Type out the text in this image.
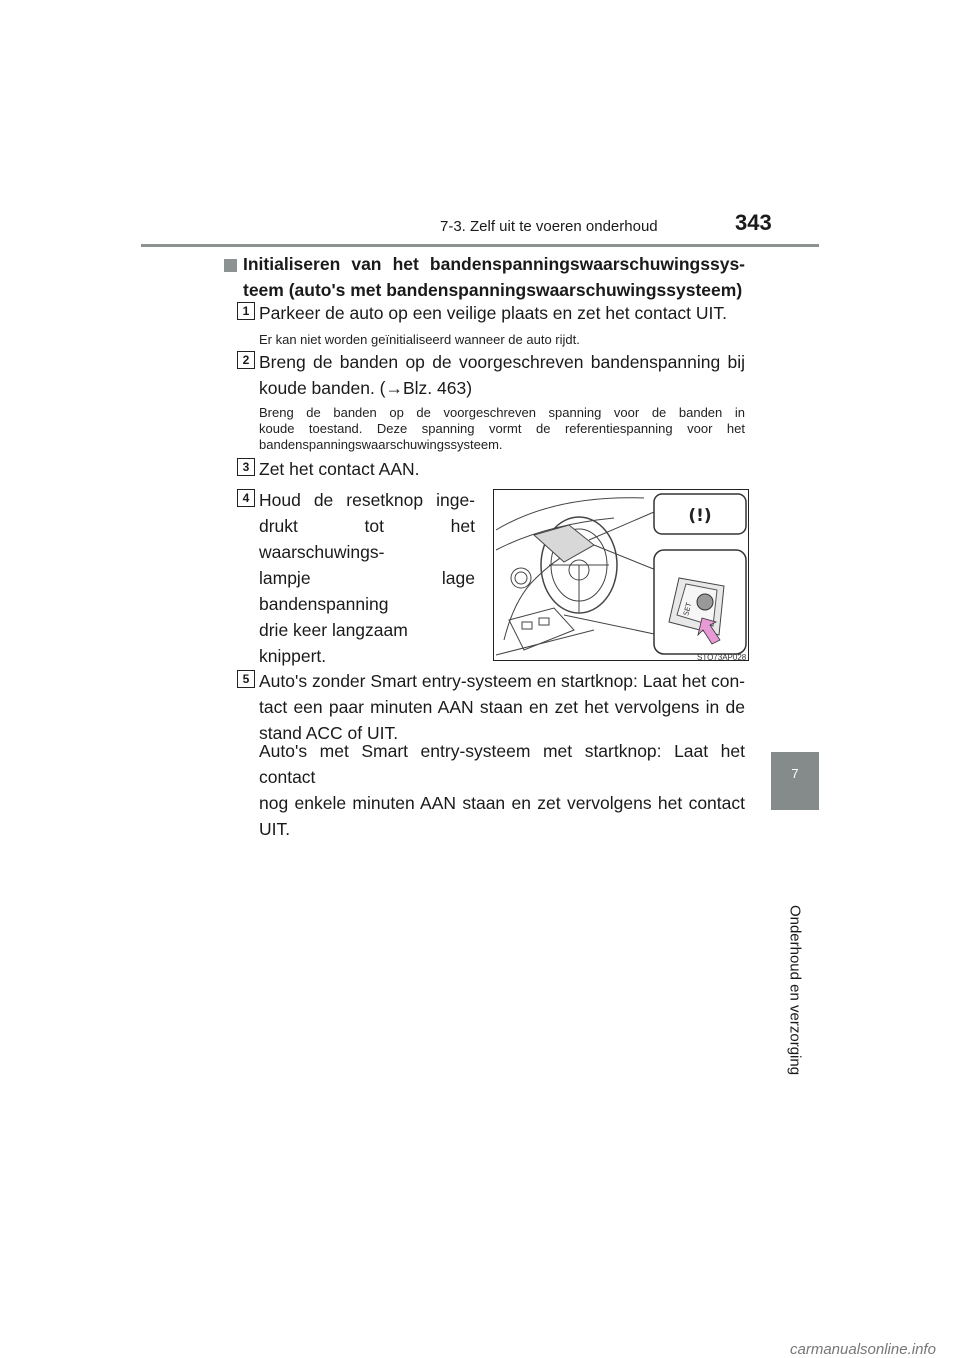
7-3. Zelf uit te voeren onderhoud	343
7
Onderhoud en verzorging
Initialiseren van het bandenspanningswaarschuwingssys-
teem (auto's met bandenspanningswaarschuwingssysteem)
1 Parkeer de auto op een veilige plaats en zet het contact UIT.
Er kan niet worden geïnitialiseerd wanneer de auto rijdt.
2 Breng de banden op de voorgeschreven bandenspanning bij
koude banden. (→Blz. 463)
Breng de banden op de voorgeschreven spanning voor de banden in
koude toestand. Deze spanning vormt de referentiespanning voor het
bandenspanningswaarschuwingssysteem.
3 Zet het contact AAN.
4 Houd de resetknop inge-
drukt tot het waarschuwings-
lampje lage bandenspanning
drie keer langzaam knippert.
(!)
SET
STO73AP028
5 Auto's zonder Smart entry-systeem en startknop: Laat het con-
tact een paar minuten AAN staan en zet het vervolgens in de
stand ACC of UIT.
Auto's met Smart entry-systeem met startknop: Laat het contact
nog enkele minuten AAN staan en zet vervolgens het contact
UIT.
carmanualsonline.info
